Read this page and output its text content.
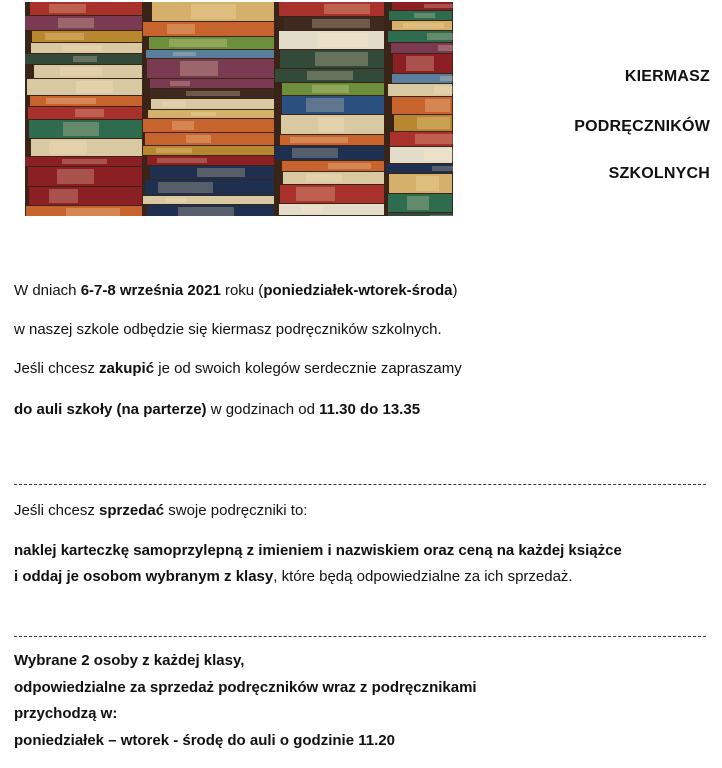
KIERMASZ
PODRĘCZNIKÓW
SZKOLNYCH
W dniach 6-7-8 września 2021 roku (poniedziałek-wtorek-środa)
w naszej szkole odbędzie się kiermasz podręczników szkolnych.
Jeśli chcesz zakupić je od swoich kolegów serdecznie zapraszamy
do auli szkoły (na parterze) w godzinach od 11.30 do 13.35
Jeśli chcesz sprzedać swoje podręczniki to:
naklej karteczkę samoprzylepną z imieniem i nazwiskiem oraz ceną na każdej książce
i oddaj je osobom wybranym z klasy, które będą odpowiedzialne za ich sprzedaż.
Wybrane 2 osoby z każdej klasy,
odpowiedzialne za sprzedaż podręczników wraz z podręcznikami
przychodzą w:
poniedziałek – wtorek - środę do auli o godzinie 11.20
